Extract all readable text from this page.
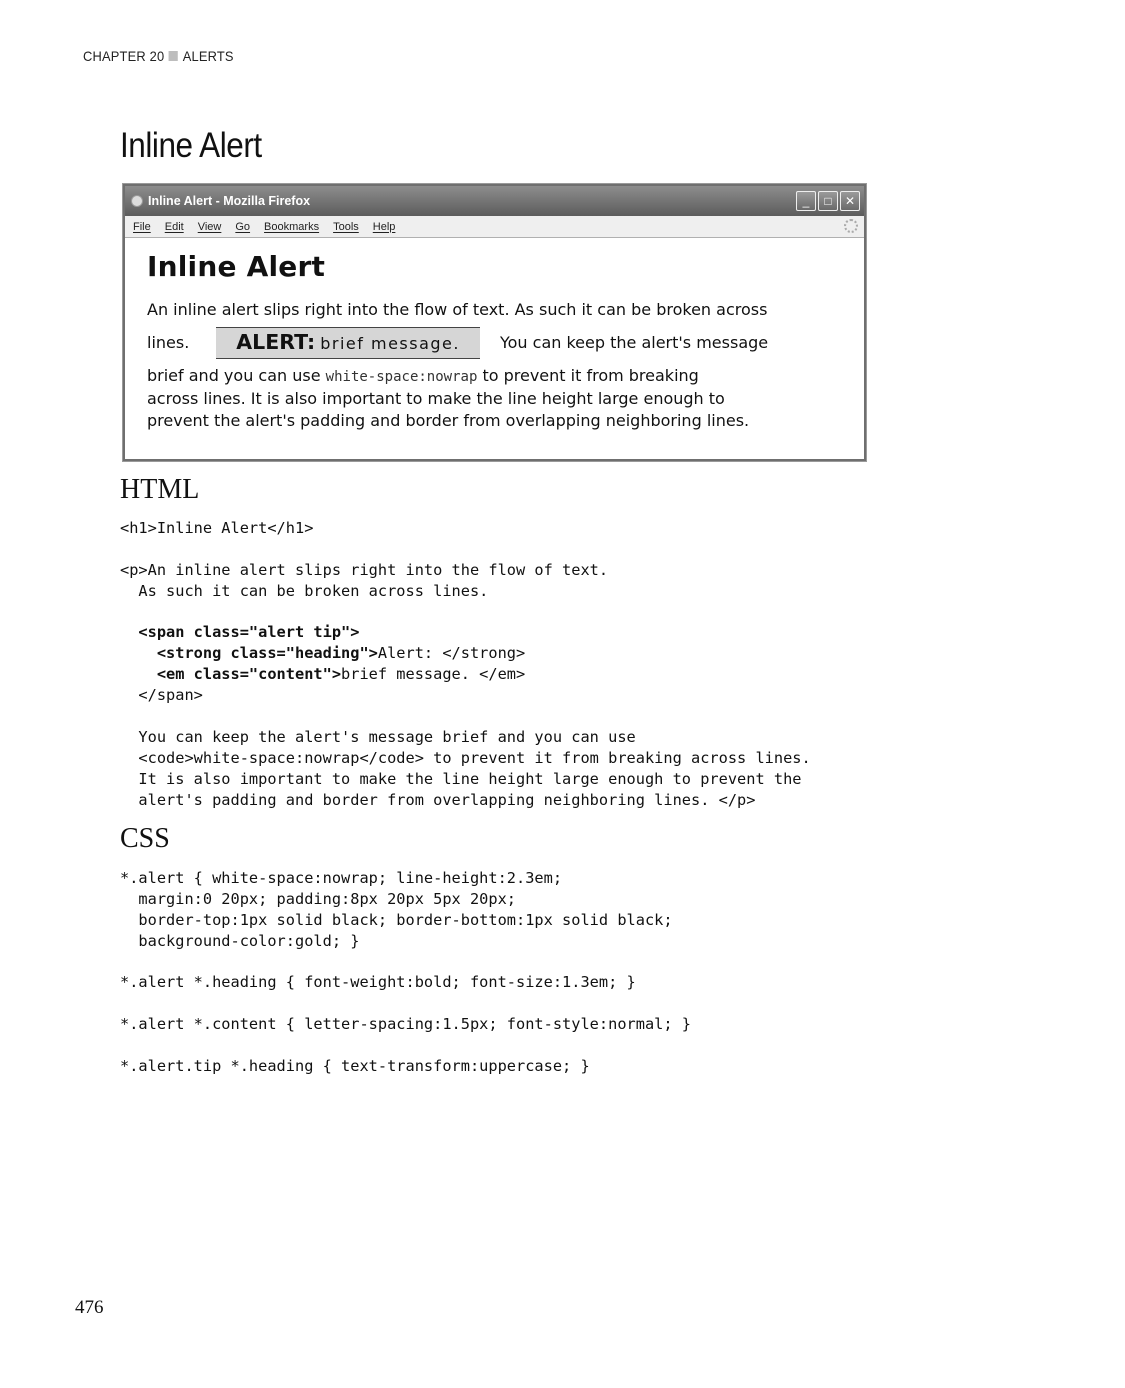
CHAPTER 20 ALERTS
Inline Alert
Inline Alert - Mozilla Firefox	_	□	✕
File Edit View Go Bookmarks Tools Help
Inline Alert

An inline alert slips right into the flow of text. As such it can be broken across
lines.	ALERT: brief message.	You can keep the alert's message
brief and you can use white-space:nowrap to prevent it from breaking
across lines. It is also important to make the line height large enough to
prevent the alert's padding and border from overlapping neighboring lines.

HTML
<h1>Inline Alert</h1>
<p>An inline alert slips right into the flow of text.
As such it can be broken across lines.
<span class="alert tip">
<strong class="heading">Alert: </strong>
<em class="content">brief message. </em>
</span>
You can keep the alert's message brief and you can use
<code>white-space:nowrap</code> to prevent it from breaking across lines.
It is also important to make the line height large enough to prevent the
alert's padding and border from overlapping neighboring lines. </p>
CSS
*.alert { white-space:nowrap; line-height:2.3em;
margin:0 20px; padding:8px 20px 5px 20px;
border-top:1px solid black; border-bottom:1px solid black;
background-color:gold; }
*.alert *.heading { font-weight:bold; font-size:1.3em; }
*.alert *.content { letter-spacing:1.5px; font-style:normal; }
*.alert.tip *.heading { text-transform:uppercase; }
476
